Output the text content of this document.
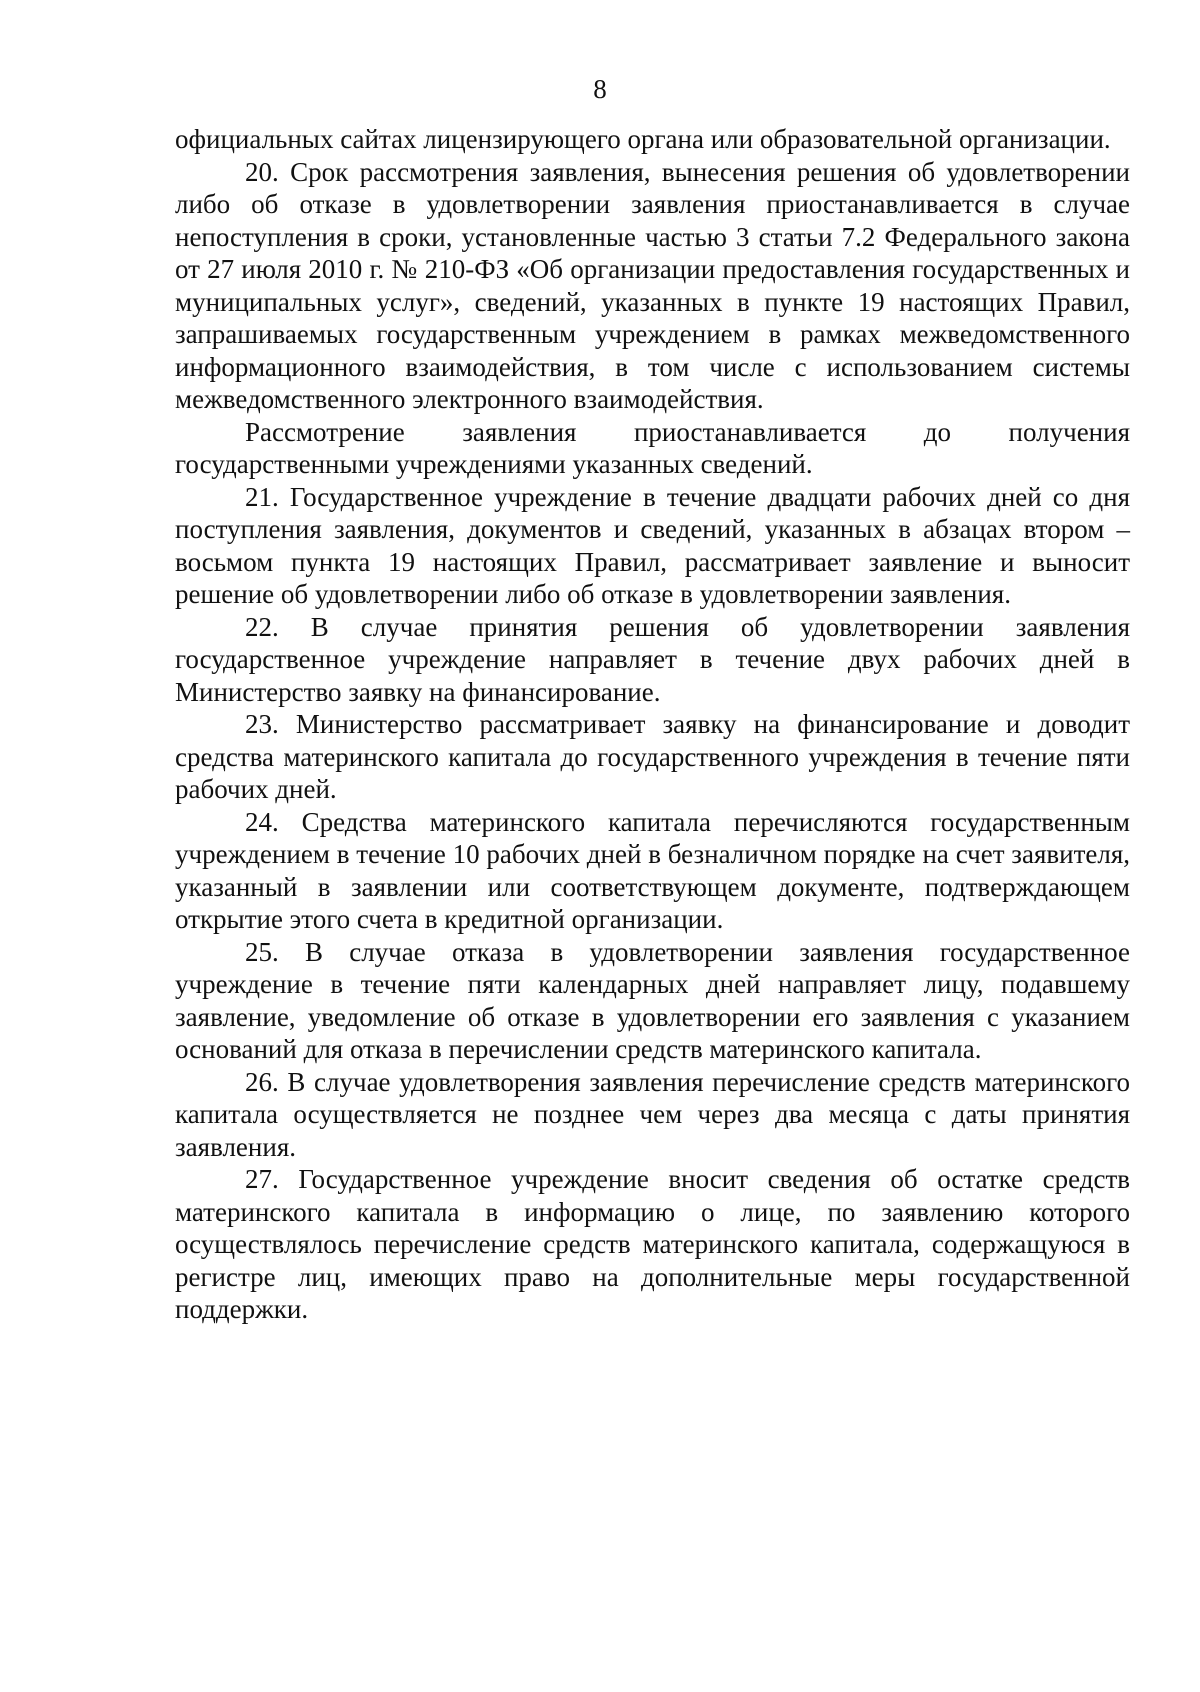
8

официальных сайтах лицензирующего органа или образовательной организации.

20. Срок рассмотрения заявления, вынесения решения об удовлетворении либо об отказе в удовлетворении заявления приостанавливается в случае непоступления в сроки, установленные частью 3 статьи 7.2 Федерального закона от 27 июля 2010 г. № 210-ФЗ «Об организации предоставления государственных и муниципальных услуг», сведений, указанных в пункте 19 настоящих Правил, запрашиваемых государственным учреждением в рамках межведомственного информационного взаимодействия, в том числе с использованием системы межведомственного электронного взаимодействия.

Рассмотрение заявления приостанавливается до получения государственными учреждениями указанных сведений.

21. Государственное учреждение в течение двадцати рабочих дней со дня поступления заявления, документов и сведений, указанных в абзацах втором – восьмом пункта 19 настоящих Правил, рассматривает заявление и выносит решение об удовлетворении либо об отказе в удовлетворении заявления.

22. В случае принятия решения об удовлетворении заявления государственное учреждение направляет в течение двух рабочих дней в Министерство заявку на финансирование.

23. Министерство рассматривает заявку на финансирование и доводит средства материнского капитала до государственного учреждения в течение пяти рабочих дней.

24. Средства материнского капитала перечисляются государственным учреждением в течение 10 рабочих дней в безналичном порядке на счет заявителя, указанный в заявлении или соответствующем документе, подтверждающем открытие этого счета в кредитной организации.

25. В случае отказа в удовлетворении заявления государственное учреждение в течение пяти календарных дней направляет лицу, подавшему заявление, уведомление об отказе в удовлетворении его заявления с указанием оснований для отказа в перечислении средств материнского капитала.

26. В случае удовлетворения заявления перечисление средств материнского капитала осуществляется не позднее чем через два месяца с даты принятия заявления.

27. Государственное учреждение вносит сведения об остатке средств материнского капитала в информацию о лице, по заявлению которого осуществлялось перечисление средств материнского капитала, содержащуюся в регистре лиц, имеющих право на дополнительные меры государственной поддержки.
